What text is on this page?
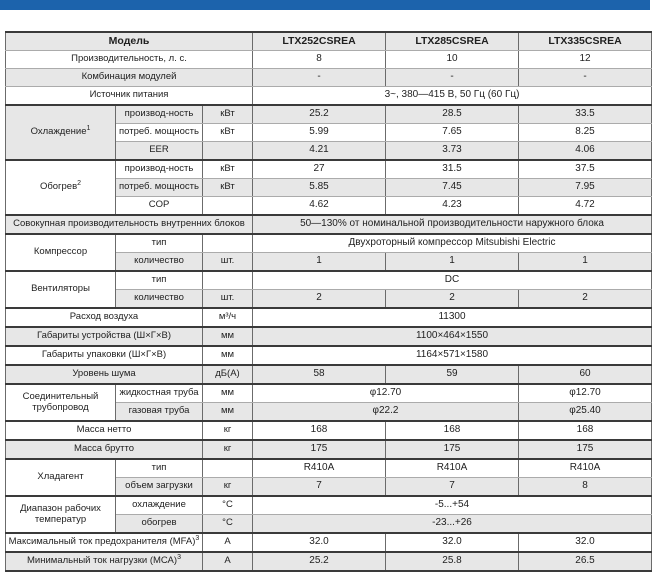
Модель			LTX252CSREA	LTX285CSREA	LTX335CSREA
Производительность, л. с.			8	10	12
Комбинация модулей			-	-	-
Источник питания			3~, 380—415 В, 50 Гц (60 Гц)		
Охлаждение$^1$	производ-ность	кВт	25.2	28.5	33.5
	потреб. мощность	кВт	5.99	7.65	8.25
	EER		4.21	3.73	4.06
Обогрев$^2$	производ-ность	кВт	27	31.5	37.5
	потреб. мощность	кВт	5.85	7.45	7.95
	COP		4.62	4.23	4.72
Совокупная производительность внутренних блоков			50—130% от номинальной производительности наружного блока		
Компрессор	тип		Двухроторный компрессор Mitsubishi Electric		
	количество	шт.	1	1	1
Вентиляторы	тип		DC		
	количество	шт.	2	2	2
Расход воздуха		м³/ч	11300		
Габариты устройства (Ш×Г×В)		мм	1100×464×1550		
Габариты упаковки (Ш×Г×В)		мм	1164×571×1580		
Уровень шума		дБ(А)	58	59	60
Соединительный трубопровод	жидкостная труба	мм	φ12.70		φ12.70
	газовая труба	мм	φ22.2		φ25.40
Масса нетто		кг	168	168	168
Масса брутто		кг	175	175	175
Хладагент	тип		R410A	R410A	R410A
	объем загрузки	кг	7	7	8
Диапазон рабочих температур	охлаждение	°С	-5...+54		
	обогрев	°С	-23...+26		
Максимальный ток предохранителя (MFA)$^3$		А	32.0	32.0	32.0
Минимальный ток нагрузки (МСА)$^3$		А	25.2	25.8	26.5
